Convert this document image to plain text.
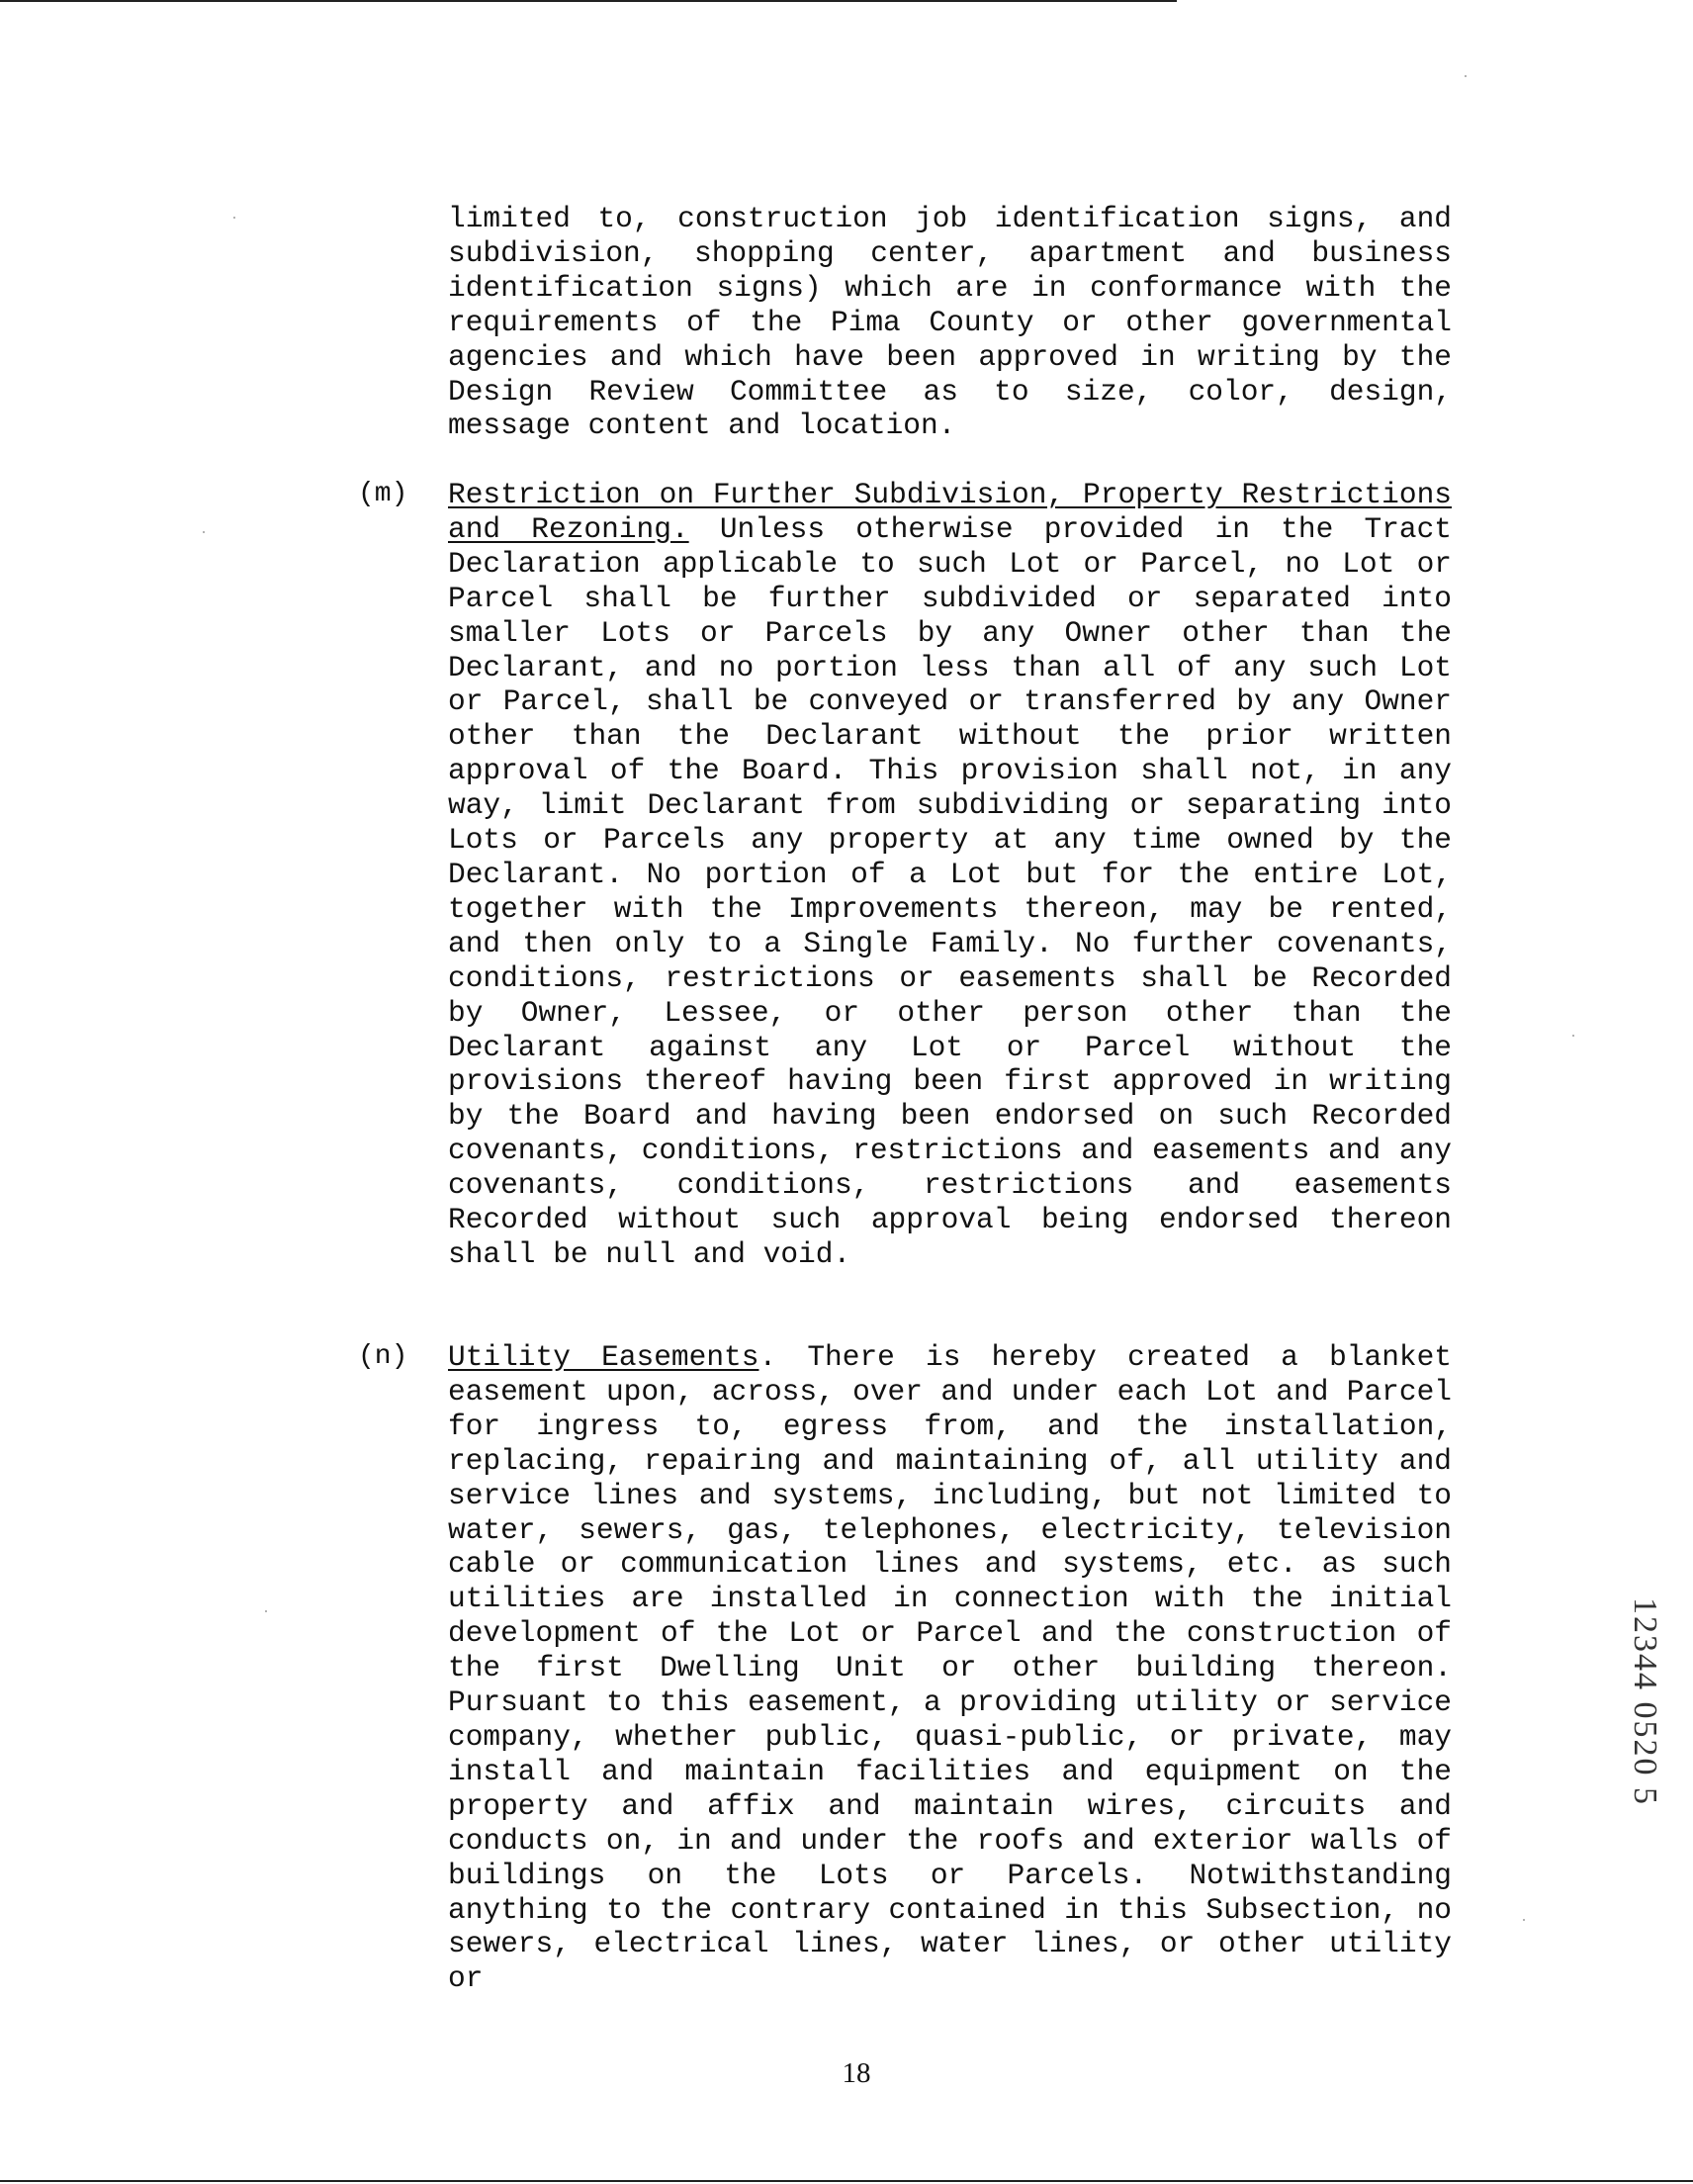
limited to, construction job identification signs, and subdivision, shopping center, apartment and business identification signs) which are in conformance with the requirements of the Pima County or other governmental agencies and which have been approved in writing by the Design Review Committee as to size, color, design, message content and location.
(m) Restriction on Further Subdivision, Property Restrictions and Rezoning. Unless otherwise provided in the Tract Declaration applicable to such Lot or Parcel, no Lot or Parcel shall be further subdivided or separated into smaller Lots or Parcels by any Owner other than the Declarant, and no portion less than all of any such Lot or Parcel, shall be conveyed or transferred by any Owner other than the Declarant without the prior written approval of the Board. This provision shall not, in any way, limit Declarant from subdividing or separating into Lots or Parcels any property at any time owned by the Declarant. No portion of a Lot but for the entire Lot, together with the Improvements thereon, may be rented, and then only to a Single Family. No further covenants, conditions, restrictions or easements shall be Recorded by Owner, Lessee, or other person other than the Declarant against any Lot or Parcel without the provisions thereof having been first approved in writing by the Board and having been endorsed on such Recorded covenants, conditions, restrictions and easements and any covenants, conditions, restrictions and easements Recorded without such approval being endorsed thereon shall be null and void.
(n) Utility Easements. There is hereby created a blanket easement upon, across, over and under each Lot and Parcel for ingress to, egress from, and the installation, replacing, repairing and maintaining of, all utility and service lines and systems, including, but not limited to water, sewers, gas, telephones, electricity, television cable or communication lines and systems, etc. as such utilities are installed in connection with the initial development of the Lot or Parcel and the construction of the first Dwelling Unit or other building thereon. Pursuant to this easement, a providing utility or service company, whether public, quasi-public, or private, may install and maintain facilities and equipment on the property and affix and maintain wires, circuits and conducts on, in and under the roofs and exterior walls of buildings on the Lots or Parcels. Notwithstanding anything to the contrary contained in this Subsection, no sewers, electrical lines, water lines, or other utility or
12344 0520 5
18
